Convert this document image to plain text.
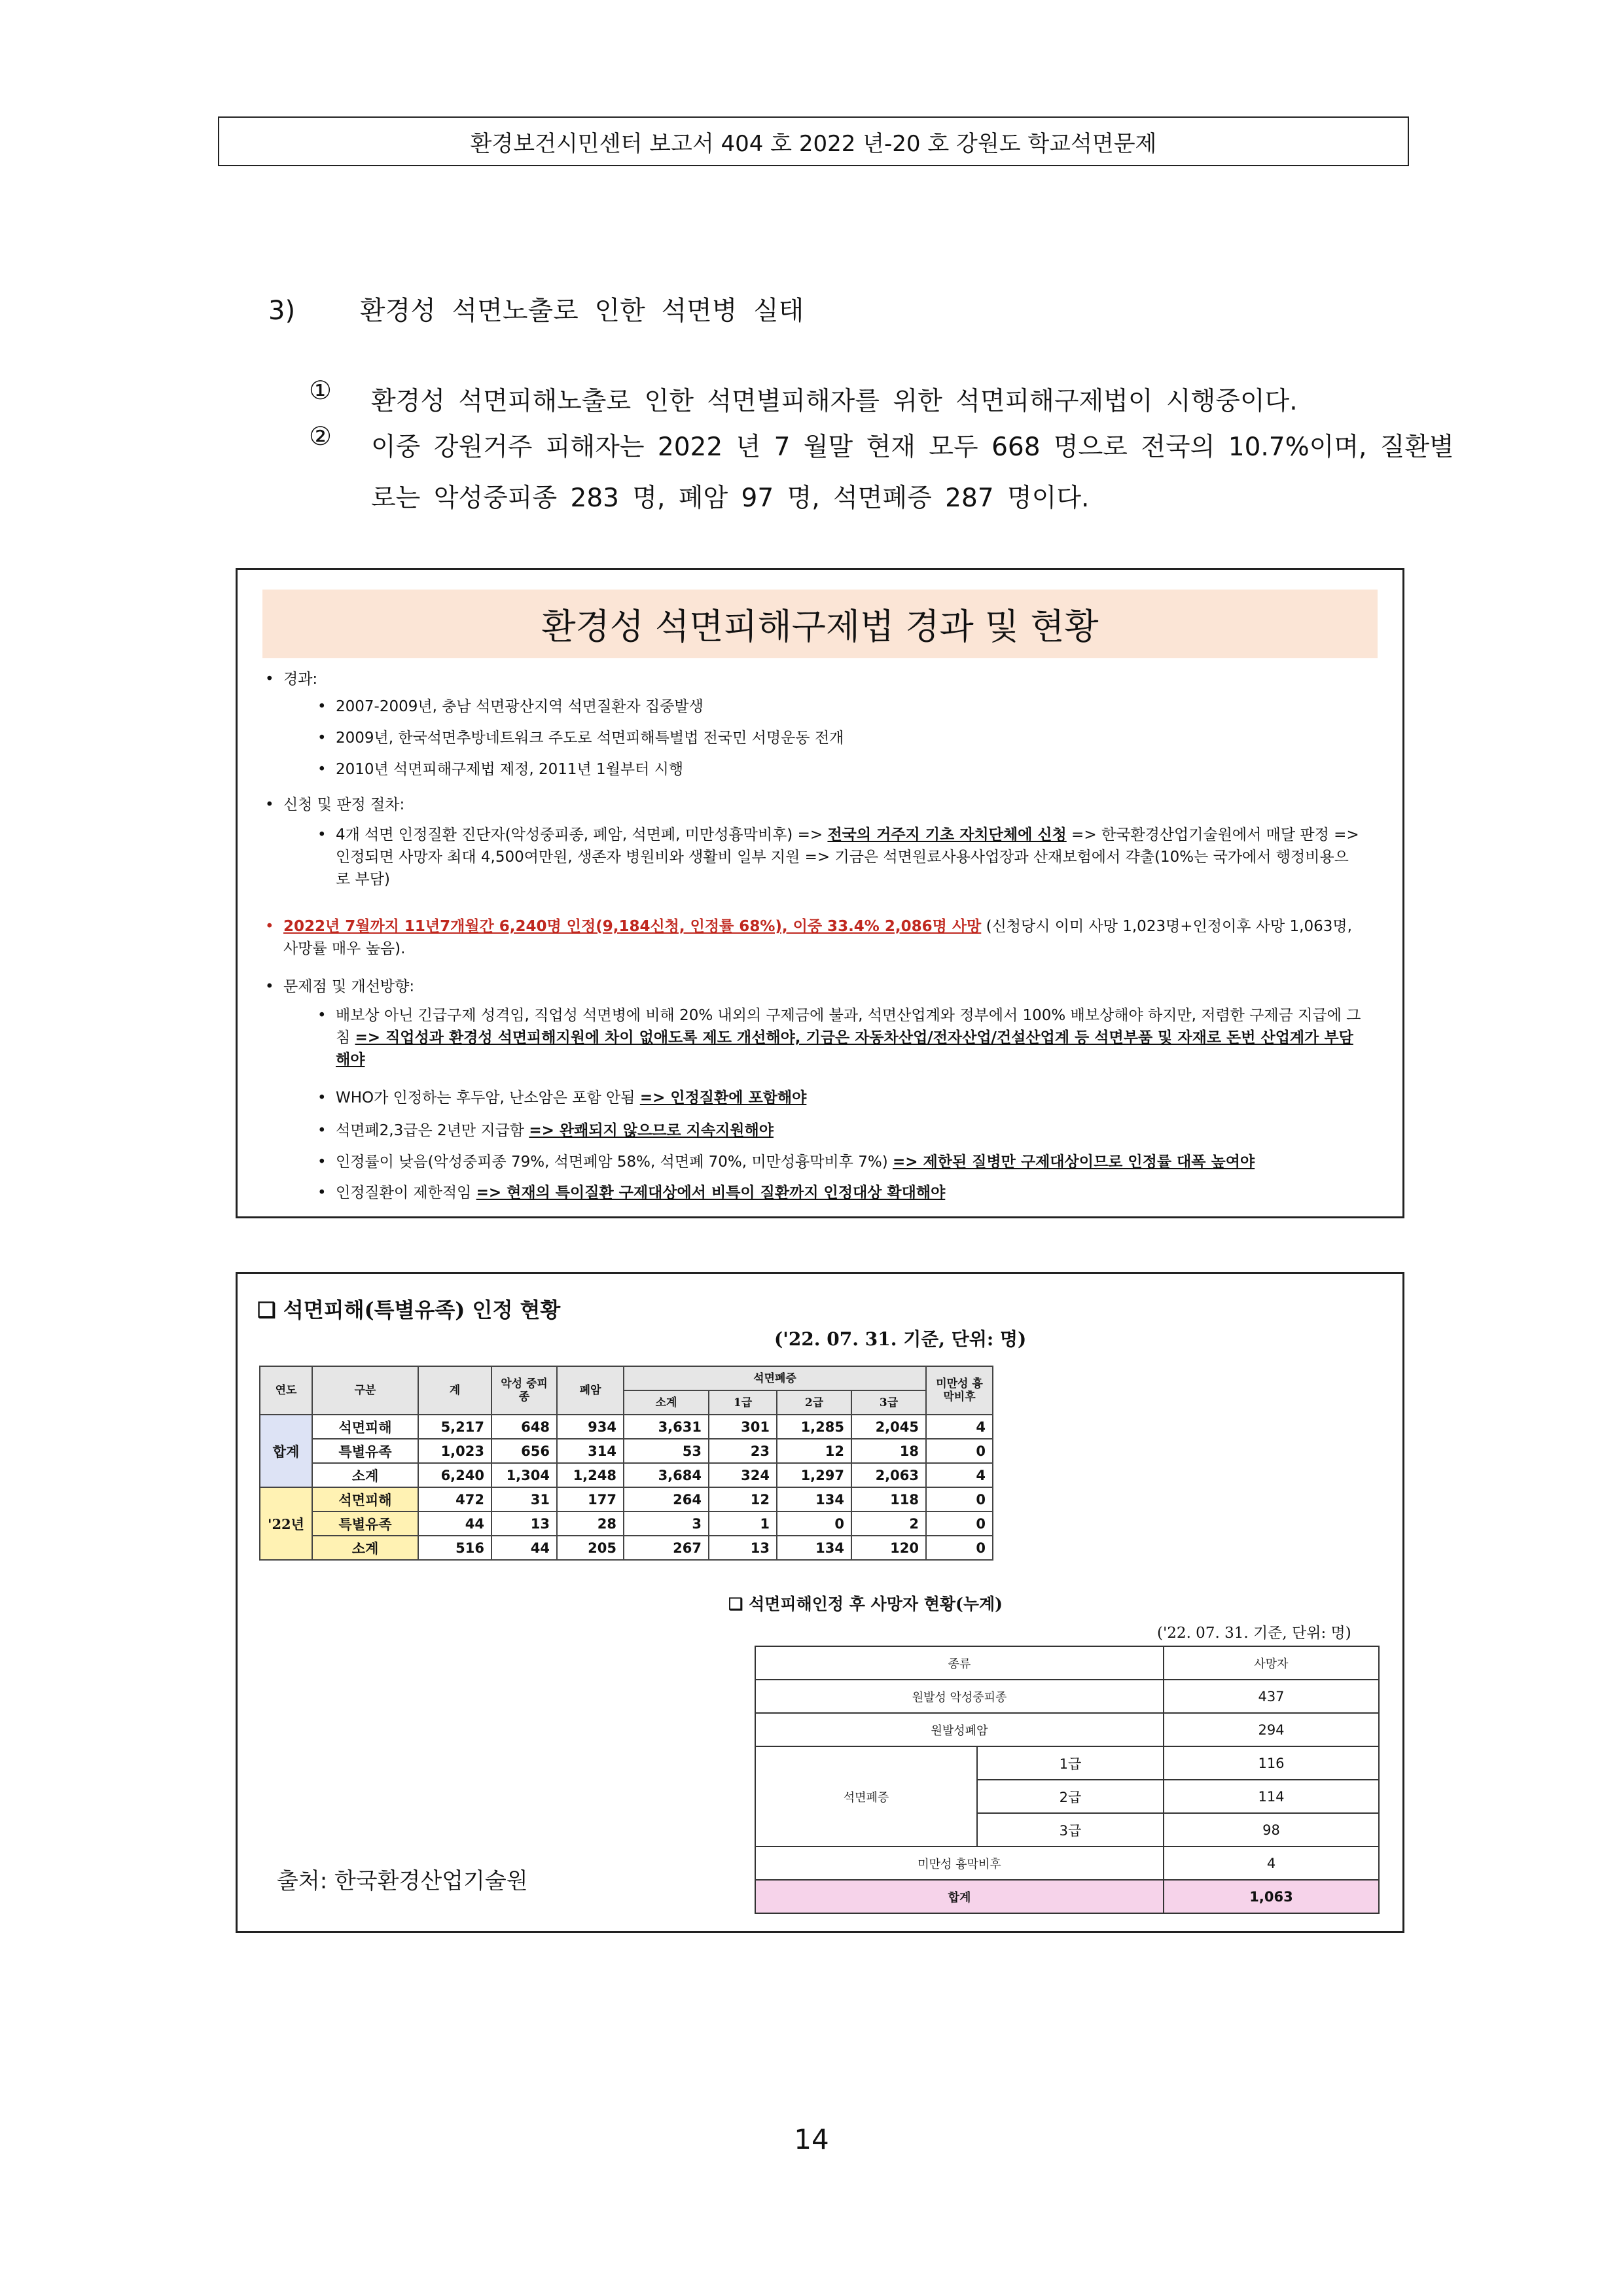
환경보건시민센터 보고서 404 호 2022 년-20 호 강원도 학교석면문제
3) 환경성 석면노출로 인한 석면병 실태
①	환경성 석면피해노출로 인한 석면별피해자를 위한 석면피해구제법이 시행중이다.
②	이중 강원거주 피해자는 2022 년 7 월말 현재 모두 668 명으로 전국의 10.7%이며, 질환별로는 악성중피종 283 명, 폐암 97 명, 석면폐증 287 명이다.
환경성 석면피해구제법 경과 및 현황
• 경과:
• 2007-2009년, 충남 석면광산지역 석면질환자 집중발생
• 2009년, 한국석면추방네트워크 주도로 석면피해특별법 전국민 서명운동 전개
• 2010년 석면피해구제법 제정, 2011년 1월부터 시행
• 신청 및 판정 절차:
• 4개 석면 인정질환 진단자(악성중피종, 폐암, 석면폐, 미만성흉막비후) => 전국의 거주지 기초 자치단체에 신청 => 한국환경산업기술원에서 매달 판정 => 인정되면 사망자 최대 4,500여만원, 생존자 병원비와 생활비 일부 지원 => 기금은 석면원료사용사업장과 산재보험에서 갹출(10%는 국가에서 행정비용으로 부담)
• 2022년 7월까지 11년7개월간 6,240명 인정(9,184신청, 인정률 68%), 이중 33.4% 2,086명 사망 (신청당시 이미 사망 1,023명+인정이후 사망 1,063명, 사망률 매우 높음).
• 문제점 및 개선방향:
• 배보상 아닌 긴급구제 성격임, 직업성 석면병에 비해 20% 내외의 구제금에 불과, 석면산업계와 정부에서 100% 배보상해야 하지만, 저렴한 구제금 지급에 그침 => 직업성과 환경성 석면피해지원에 차이 없애도록 제도 개선해야, 기금은 자동차산업/전자산업/건설산업계 등 석면부품 및 자재로 돈번 산업계가 부담해야
• WHO가 인정하는 후두암, 난소암은 포함 안됨 => 인정질환에 포함해야
• 석면폐2,3급은 2년만 지급함 => 완쾌되지 않으므로 지속지원해야
• 인정률이 낮음(악성중피종 79%, 석면폐암 58%, 석면폐 70%, 미만성흉막비후 7%) => 제한된 질병만 구제대상이므로 인정률 대폭 높여야
• 인정질환이 제한적임 => 현재의 특이질환 구제대상에서 비특이 질환까지 인정대상 확대해야
❑ 석면피해(특별유족) 인정 현황
('22. 07. 31. 기준, 단위: 명)
연도	구분	계	악성 중피종	폐암	석면폐증				미만성 흉막비후
					소계	1급	2급	3급	
합계	석면피해	5,217	648	934	3,631	301	1,285	2,045	4
	특별유족	1,023	656	314	53	23	12	18	0
	소계	6,240	1,304	1,248	3,684	324	1,297	2,063	4
'22년	석면피해	472	31	177	264	12	134	118	0
	특별유족	44	13	28	3	1	0	2	0
	소계	516	44	205	267	13	134	120	0
❑ 석면피해인정 후 사망자 현황(누계)
('22. 07. 31. 기준, 단위: 명)
종류		사망자
원발성 악성중피종		437
원발성폐암		294
석면폐증	1급	116
	2급	114
	3급	98
미만성 흉막비후		4
합계		1,063
출처: 한국환경산업기술원
14
